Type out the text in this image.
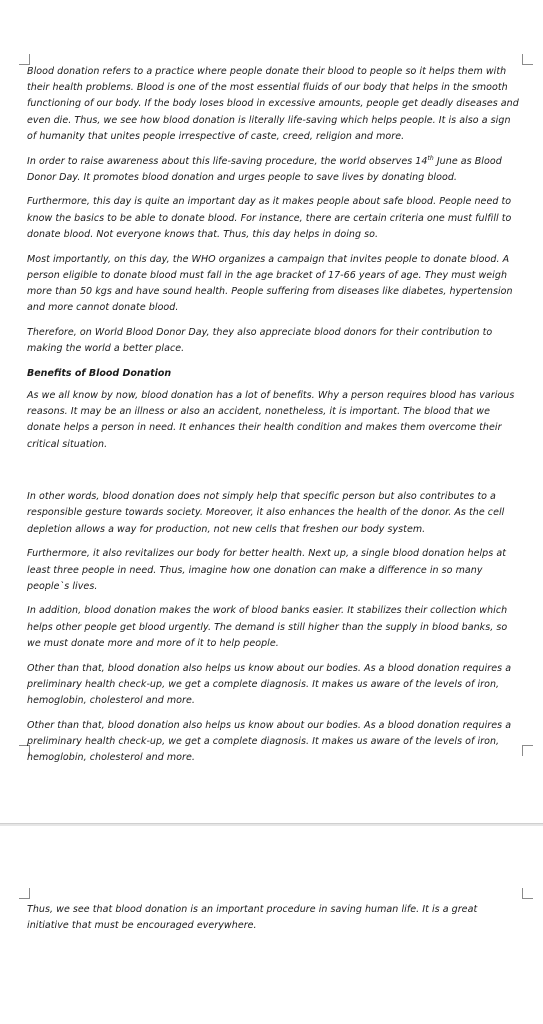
Blood donation refers to a practice where people donate their blood to people so it helps them with their health problems. Blood is one of the most essential fluids of our body that helps in the smooth functioning of our body. If the body loses blood in excessive amounts, people get deadly diseases and even die. Thus, we see how blood donation is literally life-saving which helps people. It is also a sign of humanity that unites people irrespective of caste, creed, religion and more.

In order to raise awareness about this life-saving procedure, the world observes 14th June as Blood Donor Day. It promotes blood donation and urges people to save lives by donating blood.

Furthermore, this day is quite an important day as it makes people about safe blood. People need to know the basics to be able to donate blood. For instance, there are certain criteria one must fulfill to donate blood. Not everyone knows that. Thus, this day helps in doing so.

Most importantly, on this day, the WHO organizes a campaign that invites people to donate blood. A person eligible to donate blood must fall in the age bracket of 17-66 years of age. They must weigh more than 50 kgs and have sound health. People suffering from diseases like diabetes, hypertension and more cannot donate blood.

Therefore, on World Blood Donor Day, they also appreciate blood donors for their contribution to making the world a better place.

Benefits of Blood Donation

As we all know by now, blood donation has a lot of benefits. Why a person requires blood has various reasons. It may be an illness or also an accident, nonetheless, it is important. The blood that we donate helps a person in need. It enhances their health condition and makes them overcome their critical situation.

In other words, blood donation does not simply help that specific person but also contributes to a responsible gesture towards society. Moreover, it also enhances the health of the donor. As the cell depletion allows a way for production, not new cells that freshen our body system.

Furthermore, it also revitalizes our body for better health. Next up, a single blood donation helps at least three people in need. Thus, imagine how one donation can make a difference in so many people`s lives.

In addition, blood donation makes the work of blood banks easier. It stabilizes their collection which helps other people get blood urgently. The demand is still higher than the supply in blood banks, so we must donate more and more of it to help people.

Other than that, blood donation also helps us know about our bodies. As a blood donation requires a preliminary health check-up, we get a complete diagnosis. It makes us aware of the levels of iron, hemoglobin, cholesterol and more.

Other than that, blood donation also helps us know about our bodies. As a blood donation requires a preliminary health check-up, we get a complete diagnosis. It makes us aware of the levels of iron, hemoglobin, cholesterol and more.

Thus, we see that blood donation is an important procedure in saving human life. It is a great initiative that must be encouraged everywhere.
